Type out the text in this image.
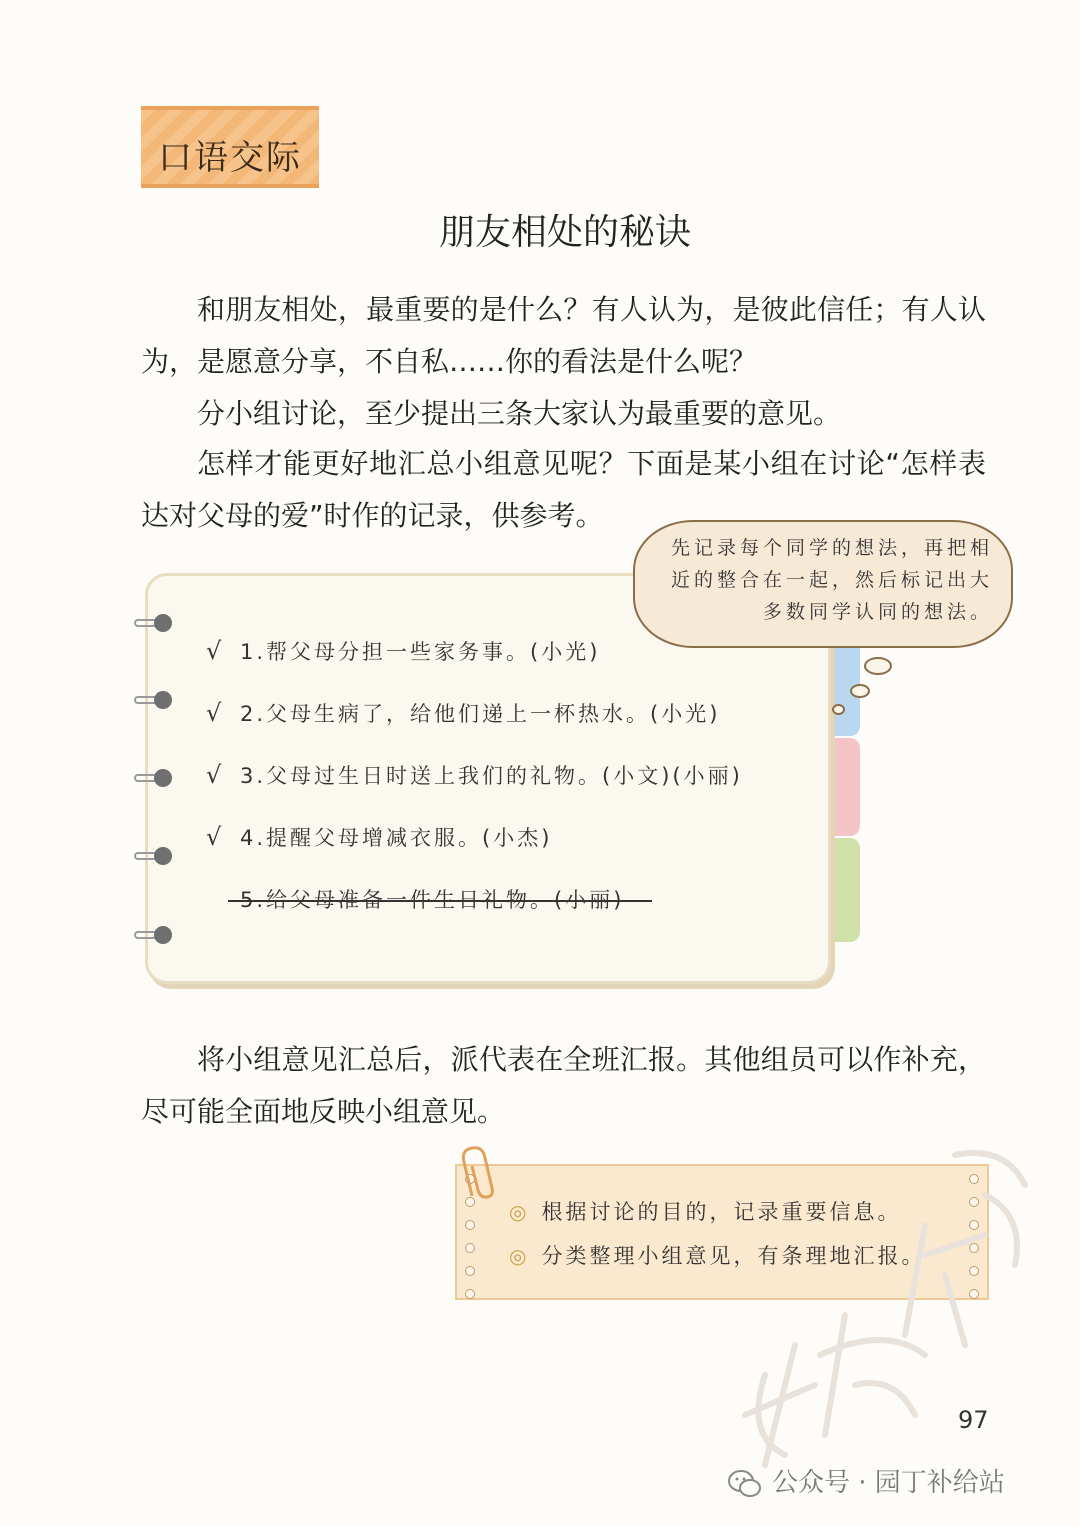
口语交际
朋友相处的秘诀

和朋友相处，最重要的是什么？有人认为，是彼此信任；有人认为，是愿意分享，不自私……你的看法是什么呢？

分小组讨论，至少提出三条大家认为最重要的意见。

怎样才能更好地汇总小组意见呢？下面是某小组在讨论“怎样表达对父母的爱”时作的记录，供参考。

√ 1.帮父母分担一些家务事。(小光)
√ 2.父母生病了，给他们递上一杯热水。(小光)
√ 3.父母过生日时送上我们的礼物。(小文)(小丽)
√ 4.提醒父母增减衣服。(小杰)
5.给父母准备一件生日礼物。(小丽)
先记录每个同学的想法，再把相近的整合在一起，然后标记出大多数同学认同的想法。

将小组意见汇总后，派代表在全班汇报。其他组员可以作补充，尽可能全面地反映小组意见。

◎ 根据讨论的目的，记录重要信息。
◎ 分类整理小组意见，有条理地汇报。
97
公众号 · 园丁补给站
